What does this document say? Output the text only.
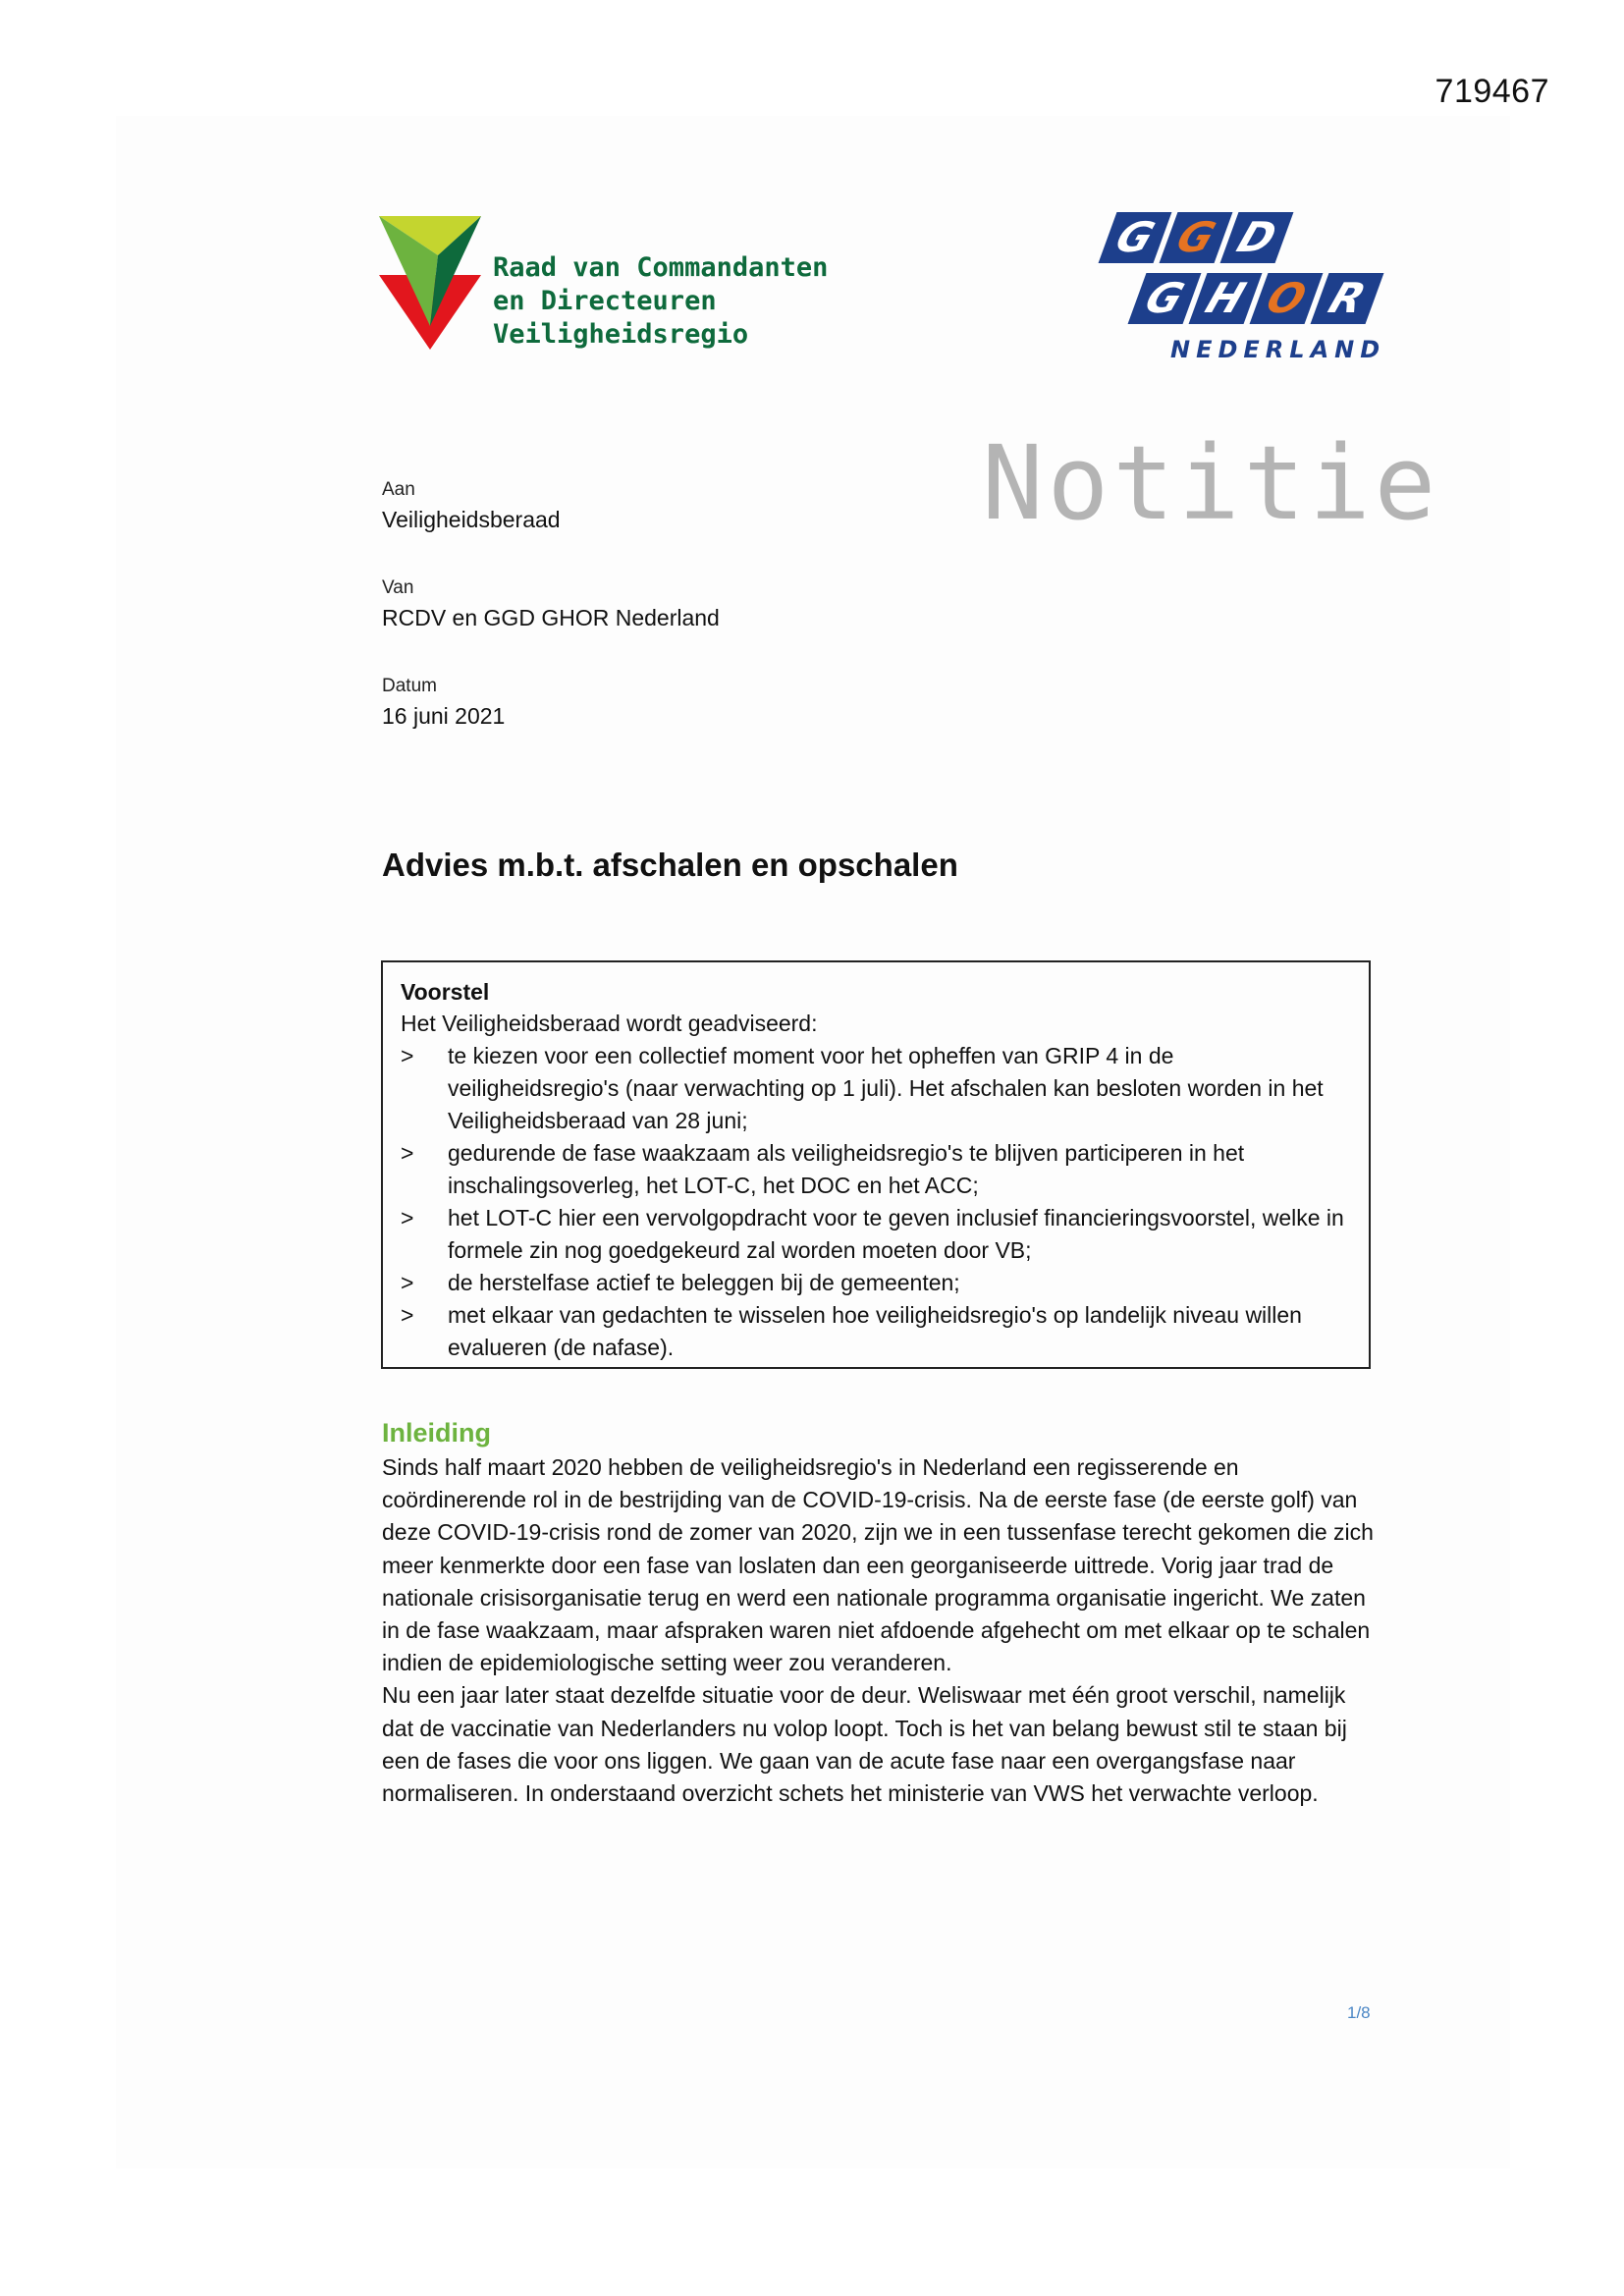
719467
Raad van Commandanten
en Directeuren
Veiligheidsregio
G G D
G H O R
NEDERLAND
Notitie
Aan
Veiligheidsberaad
Van
RCDV en GGD GHOR Nederland
Datum
16 juni 2021
Advies m.b.t. afschalen en opschalen
Voorstel
Het Veiligheidsberaad wordt geadviseerd:
>	te kiezen voor een collectief moment voor het opheffen van GRIP 4 in de veiligheidsregio's (naar verwachting op 1 juli). Het afschalen kan besloten worden in het Veiligheidsberaad van 28 juni;
>	gedurende de fase waakzaam als veiligheidsregio's te blijven participeren in het inschalingsoverleg, het LOT-C, het DOC en het ACC;
>	het LOT-C hier een vervolgopdracht voor te geven inclusief financieringsvoorstel, welke in formele zin nog goedgekeurd zal worden moeten door VB;
>	de herstelfase actief te beleggen bij de gemeenten;
>	met elkaar van gedachten te wisselen hoe veiligheidsregio's op landelijk niveau willen evalueren (de nafase).
Inleiding

Sinds half maart 2020 hebben de veiligheidsregio's in Nederland een regisserende en coördinerende rol in de bestrijding van de COVID-19-crisis. Na de eerste fase (de eerste golf) van deze COVID-19-crisis rond de zomer van 2020, zijn we in een tussenfase terecht gekomen die zich meer kenmerkte door een fase van loslaten dan een georganiseerde uittrede. Vorig jaar trad de nationale crisisorganisatie terug en werd een nationale programma organisatie ingericht. We zaten in de fase waakzaam, maar afspraken waren niet afdoende afgehecht om met elkaar op te schalen indien de epidemiologische setting weer zou veranderen.

Nu een jaar later staat dezelfde situatie voor de deur. Weliswaar met één groot verschil, namelijk dat de vaccinatie van Nederlanders nu volop loopt. Toch is het van belang bewust stil te staan bij een de fases die voor ons liggen. We gaan van de acute fase naar een overgangsfase naar normaliseren. In onderstaand overzicht schets het ministerie van VWS het verwachte verloop.

1/8
